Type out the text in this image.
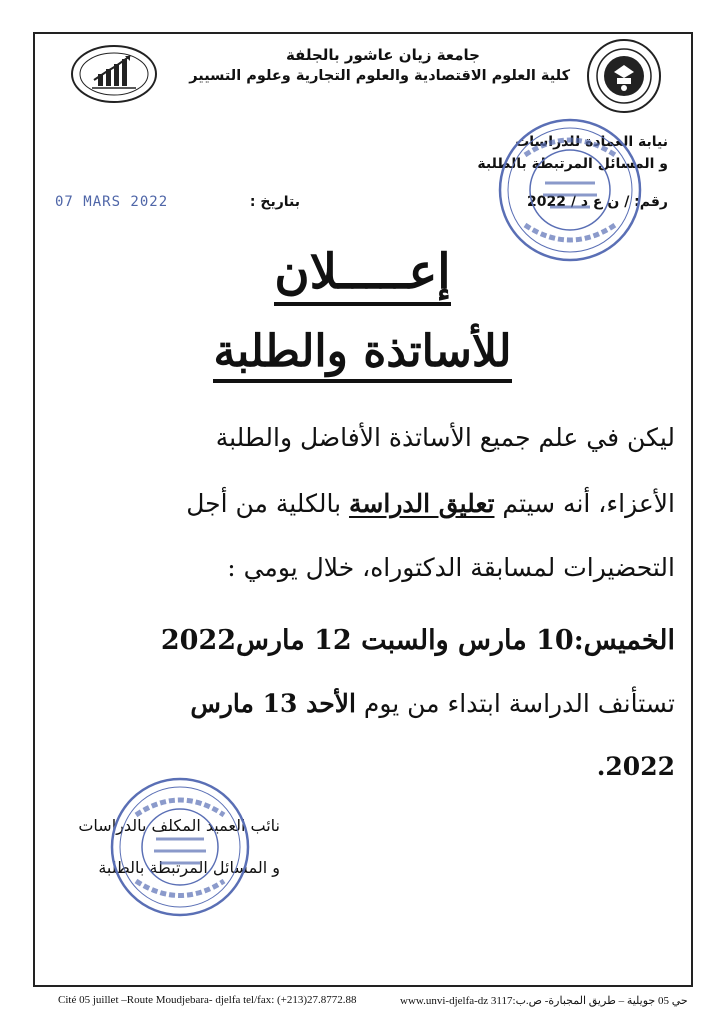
جامعة زيان عاشور بالجلفة
كلية العلوم الاقتصادية والعلوم التجارية وعلوم التسيير
نيابة العمادة للدراسات
و المسائل المرتبطة بالطلبة
رقم: / ن ع د / 2022
بتاريخ :
07 MARS 2022
إعـــــلان
للأساتذة والطلبة
ليكن في علم جميع الأساتذة الأفاضل والطلبة
الأعزاء، أنه سيتم تعليق الدراسة بالكلية من أجل
التحضيرات لمسابقة الدكتوراه، خلال يومي :
الخميس:10 مارس والسبت 12 مارس2022
تستأنف الدراسة ابتداء من يوم الأحد 13 مارس
2022.
نائب العميد المكلف بالدراسات
و المسائل المرتبطة بالطلبة
Cité 05 juillet –Route Moudjebara- djelfa tel/fax: (+213)27.8772.88	www.unvi-djelfa-dz 3117:حي 05 جويلية – طريق المجبارة- ص.ب
